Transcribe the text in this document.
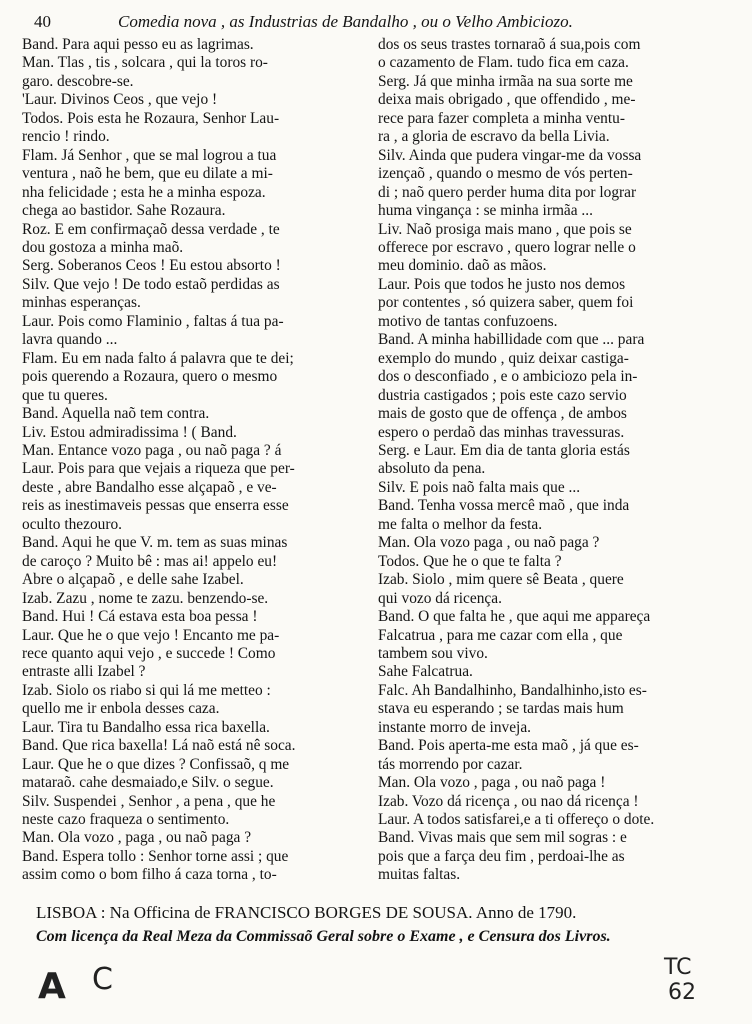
40	Comedia nova , as Industrias de Bandalho , ou o Velho Ambiciozo.
Band. Para aqui pesso eu as lagrimas.
Man. Tlas , tis , solcara , qui la toros ro-
garo. descobre-se.
'Laur. Divinos Ceos , que vejo !
Todos. Pois esta he Rozaura, Senhor Lau-
rencio ! rindo.
Flam. Já Senhor , que se mal logrou a tua
ventura , naõ he bem, que eu dilate a mi-
nha felicidade ; esta he a minha espoza.
chega ao bastidor. Sahe Rozaura.
Roz. E em confirmaçaõ dessa verdade , te
dou gostoza a minha maõ.
Serg. Soberanos Ceos ! Eu estou absorto !
Silv. Que vejo ! De todo estaõ perdidas as
minhas esperanças.
Laur. Pois como Flaminio , faltas á tua pa-
lavra quando ...
Flam. Eu em nada falto á palavra que te dei;
pois querendo a Rozaura, quero o mesmo
que tu queres.
Band. Aquella naõ tem contra.
Liv. Estou admiradissima ! ( Band.
Man. Entance vozo paga , ou naõ paga ? á
Laur. Pois para que vejais a riqueza que per-
deste , abre Bandalho esse alçapaõ , e ve-
reis as inestimaveis pessas que enserra esse
oculto thezouro.
Band. Aqui he que V. m. tem as suas minas
de caroço ? Muito bê : mas ai! appelo eu!
Abre o alçapaõ , e delle sahe Izabel.
Izab. Zazu , nome te zazu. benzendo-se.
Band. Hui ! Cá estava esta boa pessa !
Laur. Que he o que vejo ! Encanto me pa-
rece quanto aqui vejo , e succede ! Como
entraste alli Izabel ?
Izab. Siolo os riabo si qui lá me metteo :
quello me ir enbola desses caza.
Laur. Tira tu Bandalho essa rica baxella.
Band. Que rica baxella! Lá naõ está nê soca.
Laur. Que he o que dizes ? Confissaõ, q me
mataraõ. cahe desmaiado,e Silv. o segue.
Silv. Suspendei , Senhor , a pena , que he
neste cazo fraqueza o sentimento.
Man. Ola vozo , paga , ou naõ paga ?
Band. Espera tollo : Senhor torne assi ; que
assim como o bom filho á caza torna , to-
dos os seus trastes tornaraõ á sua,pois com
o cazamento de Flam. tudo fica em caza.
Serg. Já que minha irmãa na sua sorte me
deixa mais obrigado , que offendido , me-
rece para fazer completa a minha ventu-
ra , a gloria de escravo da bella Livia.
Silv. Ainda que pudera vingar-me da vossa
izençaõ , quando o mesmo de vós perten-
di ; naõ quero perder huma dita por lograr
huma vingança : se minha irmãa ...
Liv. Naõ prosiga mais mano , que pois se
offerece por escravo , quero lograr nelle o
meu dominio. daõ as mãos.
Laur. Pois que todos he justo nos demos
por contentes , só quizera saber, quem foi
motivo de tantas confuzoens.
Band. A minha habillidade com que ... para
exemplo do mundo , quiz deixar castiga-
dos o desconfiado , e o ambiciozo pela in-
dustria castigados ; pois este cazo servio
mais de gosto que de offença , de ambos
espero o perdaõ das minhas travessuras.
Serg. e Laur. Em dia de tanta gloria estás
absoluto da pena.
Silv. E pois naõ falta mais que ...
Band. Tenha vossa mercê maõ , que inda
me falta o melhor da festa.
Man. Ola vozo paga , ou naõ paga ?
Todos. Que he o que te falta ?
Izab. Siolo , mim quere sê Beata , quere
qui vozo dá ricença.
Band. O que falta he , que aqui me appareça
Falcatrua , para me cazar com ella , que
tambem sou vivo.
Sahe Falcatrua.
Falc. Ah Bandalhinho, Bandalhinho,isto es-
stava eu esperando ; se tardas mais hum
instante morro de inveja.
Band. Pois aperta-me esta maõ , já que es-
tás morrendo por cazar.
Man. Ola vozo , paga , ou naõ paga !
Izab. Vozo dá ricença , ou nao dá ricença !
Laur. A todos satisfarei,e a ti offereço o dote.
Band. Vivas mais que sem mil sogras : e
pois que a farça deu fim , perdoai-lhe as
muitas faltas.
LISBOA : Na Officina de FRANCISCO BORGES DE SOUSA. Anno de 1790.
Com licença da Real Meza da Commissaõ Geral sobre o Exame , e Censura dos Livros.
A C	TC
62
